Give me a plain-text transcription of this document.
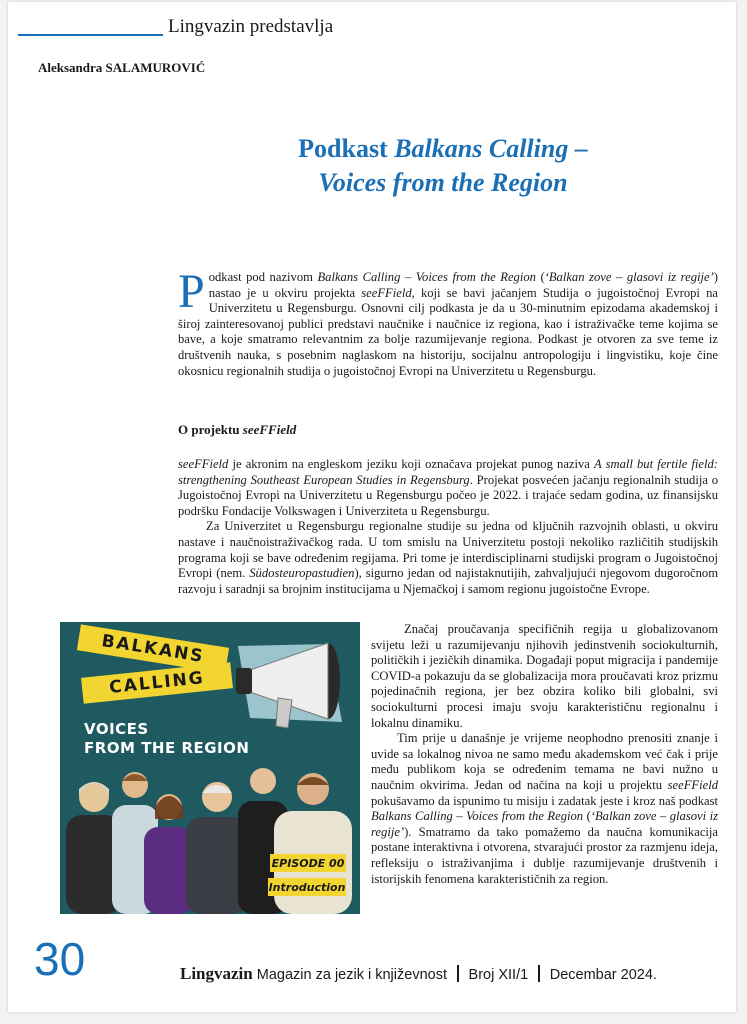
Lingvazin predstavlja
Aleksandra SALAMUROVIĆ
Podkast Balkans Calling –
Voices from the Region
Podkast pod nazivom Balkans Calling – Voices from the Region (‘Balkan zove – glasovi iz regije’) nastao je u okviru projekta seeFField, koji se bavi jačanjem Studija o jugoistočnoj Evropi na Univerzitetu u Regensburgu. Osnovni cilj podkasta je da u 30-minutnim epizodama akademskoj i široj zainteresovanoj publici predstavi naučnike i naučnice iz regiona, kao i istraživačke teme kojima se bave, a koje smatramo relevantnim za bolje razumijevanje regiona. Podkast je otvoren za sve teme iz društvenih nauka, s posebnim naglaskom na historiju, socijalnu antropologiju i lingvistiku, koje čine okosnicu regionalnih studija o jugoistočnoj Evropi na Univerzitetu u Regensburgu.
O projektu seeFField

seeFField je akronim na engleskom jeziku koji označava projekat punog naziva A small but fertile field: strengthening Southeast European Studies in Regensburg. Projekat posvećen jačanju regionalnih studija o Jugoistočnoj Evropi na Univerzitetu u Regensburgu počeo je 2022. i trajaće sedam godina, uz finansijsku podršku Fondacije Volkswagen i Univerziteta u Regensburgu.

Za Univerzitet u Regensburgu regionalne studije su jedna od ključnih razvojnih oblasti, u okviru nastave i naučnoistraživačkog rada. U tom smislu na Univerzitetu postoji nekoliko različitih studijskih programa koji se bave određenim regijama. Pri tome je interdisciplinarni studijski program o Jugoistočnoj Evropi (nem. Südosteuropastudien), sigurno jedan od najistaknutijih, zahvaljujući njegovom dugoročnom razvoju i saradnji sa brojnim institucijama u Njemačkoj i samom regionu jugoistočne Evrope.

BALKANS
CALLING
VOICES
FROM THE REGION
EPISODE 00
Introduction

Značaj proučavanja specifičnih regija u globalizovanom svijetu leži u razumijevanju njihovih jedinstvenih sociokulturnih, političkih i jezičkih dinamika. Događaji poput migracija i pandemije COVID-a pokazuju da se globalizacija mora proučavati kroz prizmu pojedinačnih regiona, jer bez obzira koliko bili globalni, svi sociokulturni procesi imaju svoju karakterističnu regionalnu i lokalnu dinamiku.

Tim prije u današnje je vrijeme neophodno prenositi znanje i uvide sa lokalnog nivoa ne samo među akademskom već čak i prije među publikom koja se određenim temama ne bavi nužno u naučnim okvirima. Jedan od načina na koji u projektu seeFField pokušavamo da ispunimo tu misiju i zadatak jeste i kroz naš podkast Balkans Calling – Voices from the Region (‘Balkan zove – glasovi iz regije’). Smatramo da tako pomažemo da naučna komunikacija postane interaktivna i otvorena, stvarajući prostor za razmjenu ideja, refleksiju o istraživanjima i dublje razumijevanje društvenih i istorijskih fenomena karakterističnih za region.

30	Lingvazin Magazin za jezik i književnost Broj XII/1 Decembar 2024.
